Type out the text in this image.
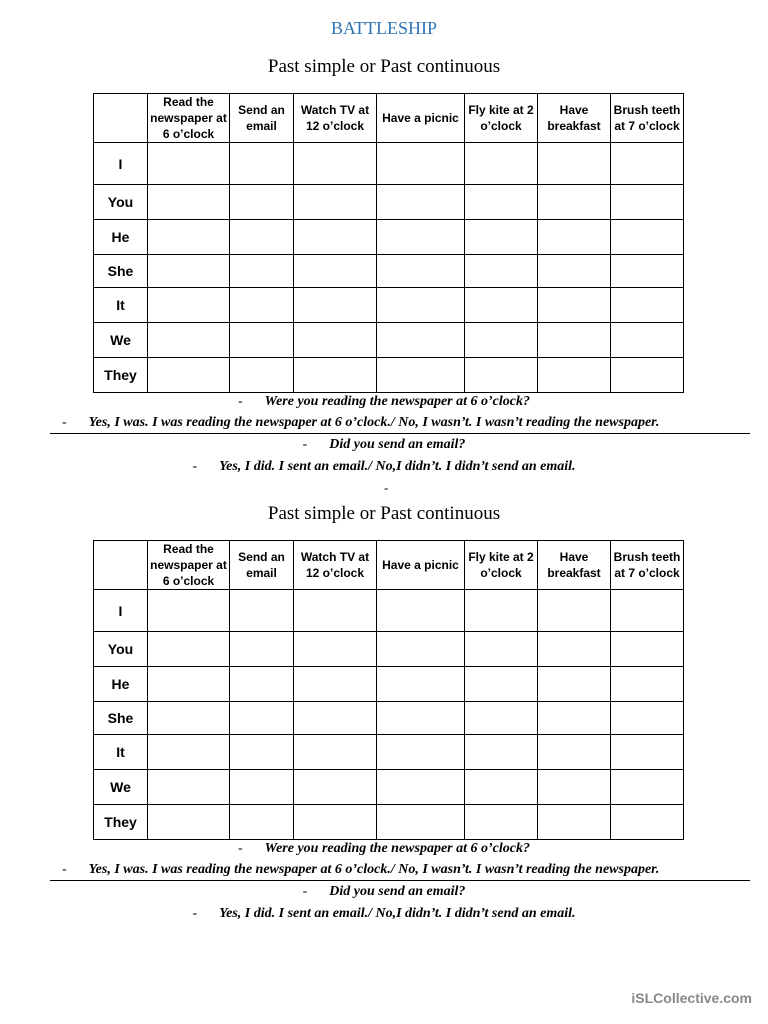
BATTLESHIP
Past simple or Past continuous
	Read the newspaper at 6 o’clock	Send an email	Watch TV at 12 o’clock	Have a picnic	Fly kite at 2 o’clock	Have breakfast	Brush teeth at 7 o’clock
I							
You							
He							
She							
It							
We							
They							
- Were you reading the newspaper at 6 o’clock?
- Yes, I was. I was reading the newspaper at 6 o’clock./ No, I wasn’t. I wasn’t reading the newspaper.
- Did you send an email?
- Yes, I did. I sent an email./ No,I didn’t. I didn’t send an email.
-
Past simple or Past continuous
	Read the newspaper at 6 o’clock	Send an email	Watch TV at 12 o’clock	Have a picnic	Fly kite at 2 o’clock	Have breakfast	Brush teeth at 7 o’clock
I							
You							
He							
She							
It							
We							
They							
- Were you reading the newspaper at 6 o’clock?
- Yes, I was. I was reading the newspaper at 6 o’clock./ No, I wasn’t. I wasn’t reading the newspaper.
- Did you send an email?
- Yes, I did. I sent an email./ No,I didn’t. I didn’t send an email.
iSLCollective.com
